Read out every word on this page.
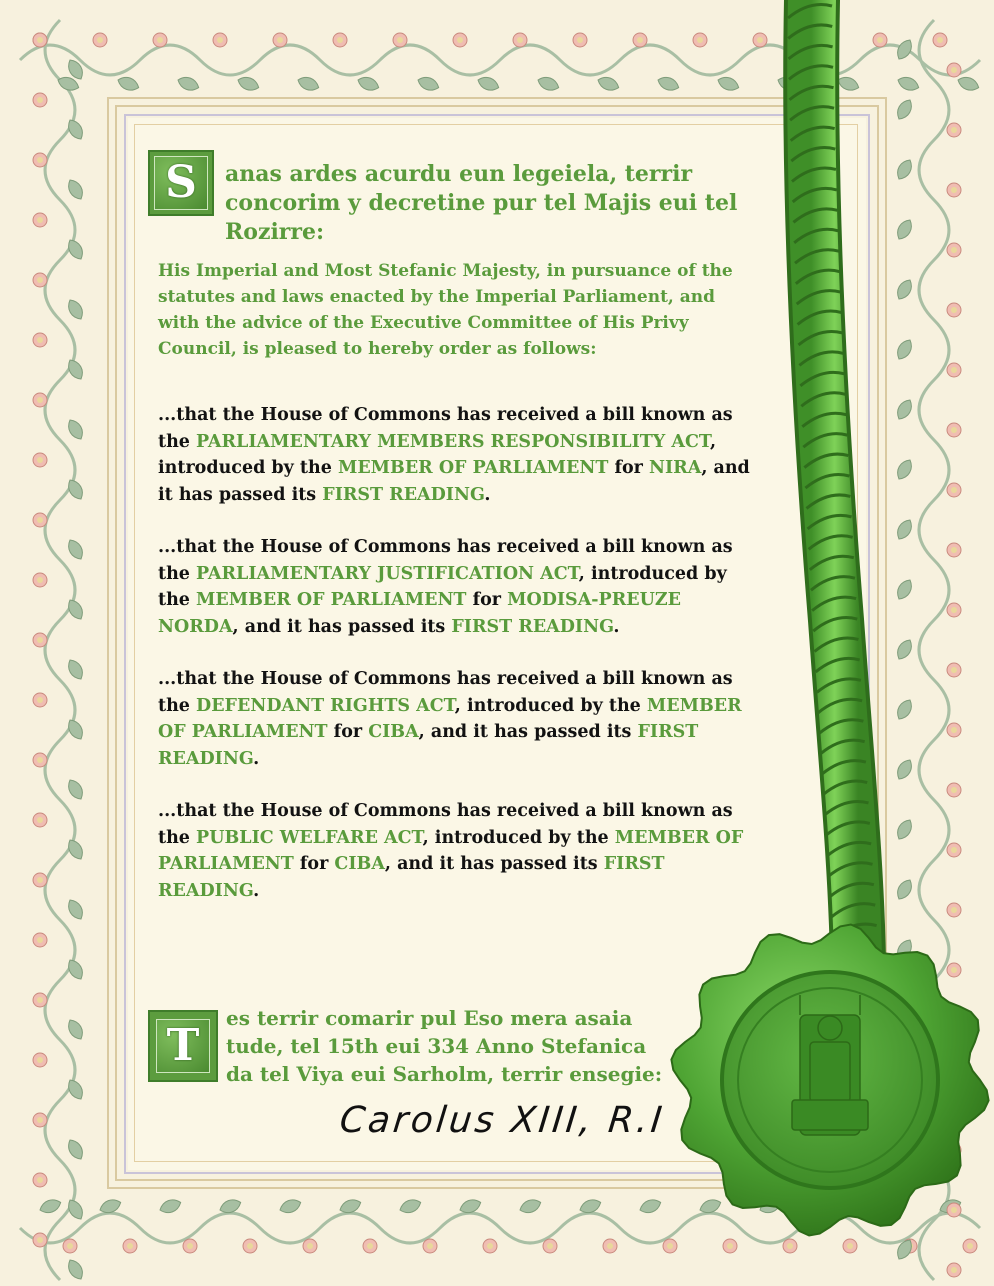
S anas ardes acurdu eun legeiela, terrir concorim y decretine pur tel Majis eui tel Rozirre:
His Imperial and Most Stefanic Majesty, in pursuance of the statutes and laws enacted by the Imperial Parliament, and with the advice of the Executive Committee of His Privy Council, is pleased to hereby order as follows:
...that the House of Commons has received a bill known as the PARLIAMENTARY MEMBERS RESPONSIBILITY ACT, introduced by the MEMBER OF PARLIAMENT for NIRA, and it has passed its FIRST READING.
...that the House of Commons has received a bill known as the PARLIAMENTARY JUSTIFICATION ACT, introduced by the MEMBER OF PARLIAMENT for MODISA-PREUZE NORDA, and it has passed its FIRST READING.
...that the House of Commons has received a bill known as the DEFENDANT RIGHTS ACT, introduced by the MEMBER OF PARLIAMENT for CIBA, and it has passed its FIRST READING.
...that the House of Commons has received a bill known as the PUBLIC WELFARE ACT, introduced by the MEMBER OF PARLIAMENT for CIBA, and it has passed its FIRST READING.
T
es terrir comarir pul Eso mera asaia tude, tel 15th eui 334 Anno Stefanica da tel Viya eui Sarholm, terrir ensegie:
Carolus XIII, R.I
